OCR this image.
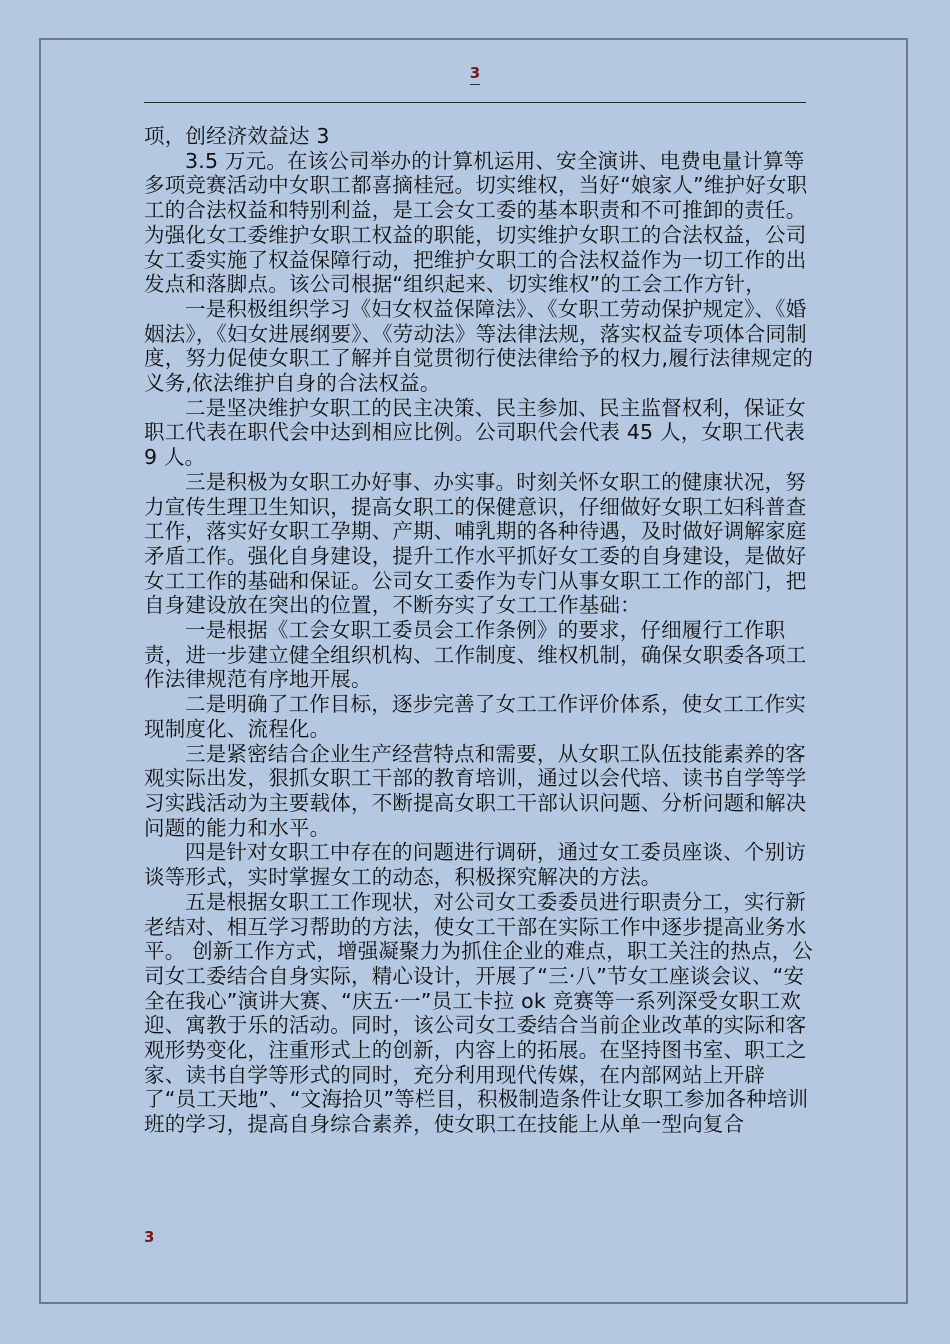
3

项，创经济效益达 3

3.5 万元。在该公司举办的计算机运用、安全演讲、电费电量计算等多项竞赛活动中女职工都喜摘桂冠。切实维权，当好“娘家人”维护好女职工的合法权益和特别利益，是工会女工委的基本职责和不可推卸的责任。为强化女工委维护女职工权益的职能，切实维护女职工的合法权益，公司女工委实施了权益保障行动，把维护女职工的合法权益作为一切工作的出发点和落脚点。该公司根据“组织起来、切实维权”的工会工作方针，

一是积极组织学习《妇女权益保障法》、《女职工劳动保护规定》、《婚姻法》，《妇女进展纲要》、《劳动法》等法律法规，落实权益专项体合同制度，努力促使女职工了解并自觉贯彻行使法律给予的权力,履行法律规定的义务,依法维护自身的合法权益。

二是坚决维护女职工的民主决策、民主参加、民主监督权利，保证女职工代表在职代会中达到相应比例。公司职代会代表 45 人，女职工代表 9 人。

三是积极为女职工办好事、办实事。时刻关怀女职工的健康状况，努力宣传生理卫生知识，提高女职工的保健意识，仔细做好女职工妇科普查工作，落实好女职工孕期、产期、哺乳期的各种待遇，及时做好调解家庭矛盾工作。强化自身建设，提升工作水平抓好女工委的自身建设，是做好女工工作的基础和保证。公司女工委作为专门从事女职工工作的部门，把自身建设放在突出的位置，不断夯实了女工工作基础：

一是根据《工会女职工委员会工作条例》的要求，仔细履行工作职责，进一步建立健全组织机构、工作制度、维权机制，确保女职委各项工作法律规范有序地开展。

二是明确了工作目标，逐步完善了女工工作评价体系，使女工工作实现制度化、流程化。

三是紧密结合企业生产经营特点和需要，从女职工队伍技能素养的客观实际出发，狠抓女职工干部的教育培训，通过以会代培、读书自学等学习实践活动为主要载体，不断提高女职工干部认识问题、分析问题和解决问题的能力和水平。

四是针对女职工中存在的问题进行调研，通过女工委员座谈、个别访谈等形式，实时掌握女工的动态，积极探究解决的方法。

五是根据女职工工作现状，对公司女工委委员进行职责分工，实行新老结对、相互学习帮助的方法，使女工干部在实际工作中逐步提高业务水平。 创新工作方式，增强凝聚力为抓住企业的难点，职工关注的热点，公司女工委结合自身实际，精心设计，开展了“三·八”节女工座谈会议、“安全在我心”演讲大赛、“庆五·一”员工卡拉 ok 竞赛等一系列深受女职工欢迎、寓教于乐的活动。同时，该公司女工委结合当前企业改革的实际和客观形势变化，注重形式上的创新，内容上的拓展。在坚持图书室、职工之家、读书自学等形式的同时，充分利用现代传媒，在内部网站上开辟了“员工天地”、“文海拾贝”等栏目，积极制造条件让女职工参加各种培训班的学习，提高自身综合素养，使女职工在技能上从单一型向复合

3
